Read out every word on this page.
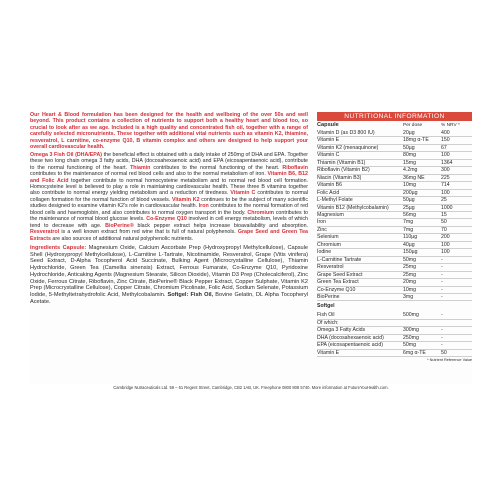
Our Heart & Blood formulation has been designed for the health and wellbeing of the over 50s and well beyond. This product contains a collection of nutrients to support both a healthy heart and blood too, so crucial to look after as we age. Included is a high quality and concentrated fish oil, together with a range of carefully selected micronutrients. These together with additional vital nutrients such as vitamin K2, thiamine, resveratrol, L carnitine, co-enzyme Q10, B vitamin complex and others are designed to help support your overall cardiovascular health.

Omega 3 Fish Oil (DHA/EPA) the beneficial effect is obtained with a daily intake of 250mg of DHA and EPA. Together these two long chain omega 3 fatty acids, DHA (docosahexaenoic acid) and EPA (eicosapentaenoic acid), contribute to the normal functioning of the heart. Thiamin contributes to the normal functioning of the heart. Riboflavin contributes to the maintenance of normal red blood cells and also to the normal metabolism of iron. Vitamin B6, B12 and Folic Acid together contribute to normal homocysteine metabolism and to normal red blood cell formation. Homocysteine level is believed to play a role in maintaining cardiovascular health. These three B vitamins together also contribute to normal energy yielding metabolism and a reduction of tiredness. Vitamin C contributes to normal collagen formation for the normal function of blood vessels. Vitamin K2 continues to be the subject of many scientific studies designed to examine vitamin K2's role in cardiovascular health. Iron contributes to the normal formation of red blood cells and haemoglobin, and also contributes to normal oxygen transport in the body. Chromium contributes to the maintenance of normal blood glucose levels. Co-Enzyme Q10 involved in cell energy metabolism, levels of which tend to decrease with age. BioPerine® black pepper extract helps increase bioavailability and absorption. Resveratrol is a well known extract from red wine that is full of natural polyphenols. Grape Seed and Green Tea Extracts are also sources of additional natural polyphenolic nutrients.

Ingredients Capsule: Magnesium Oxide, Calcium Ascorbate Prep (Hydroxypropyl Methylcellulose), Capsule Shell (Hydroxypropyl Methylcellulose), L-Carnitine L-Tartrate, Nicotinamide, Resveratrol, Grape (Vitis vinifera) Seed Extract, D-Alpha Tocopherol Acid Succinate, Bulking Agent (Microcrystalline Cellulose), Thiamin Hydrochloride, Green Tea (Camellia sinensis) Extract, Ferrous Fumarate, Co-Enzyme Q10, Pyridoxine Hydrochloride, Anticaking Agents (Magnesium Stearate, Silicon Dioxide), Vitamin D3 Prep (Cholecalciferol), Zinc Oxide, Ferrous Citrate, Riboflavin, Zinc Citrate, BioPerine® Black Pepper Extract, Copper Sulphate, Vitamin K2 Prep (Microcrystalline Cellulose), Copper Citrate, Chromium Picolinate, Folic Acid, Sodium Selenate, Potassium Iodide, 5-Methyltetrahydrofolic Acid, Methylcobalamin. Softgel: Fish Oil, Bovine Gelatin, DL Alpha Tocopheryl Acetate.

NUTRITIONAL INFORMATION
Capsule	Per dose	% NRV *
Vitamin D (as D3 800 IU)	20µg	400
Vitamin E	18mg α-TE	150
Vitamin K2 (menaquinone)	50µg	67
Vitamin C	80mg	100
Thiamin (Vitamin B1)	15mg	1364
Riboflavin (Vitamin B2)	4.2mg	300
Niacin (Vitamin B3)	36mg NE	225
Vitamin B6	10mg	714
Folic Acid	200µg	100
L-Methyl Folate	50µg	25
Vitamin B12 (Methylcobalamin)	25µg	1000
Magnesium	56mg	15
Iron	7mg	50
Zinc	7mg	70
Selenium	110µg	200
Chromium	40µg	100
Iodine	150µg	100
L-Carnitine Tartrate	50mg	-
Resveratrol	25mg	-
Grape Seed Extract	25mg	-
Green Tea Extract	20mg	-
Co-Enzyme Q10	10mg	-
BioPerine	3mg	-
Softgel		
Fish Oil	500mg	-
Of which:		
Omega 3 Fatty Acids	300mg	-
DHA (docosahexaenoic acid)	250mg	-
EPA (eicosapentaenoic acid)	50mg	-
Vitamin E	6mg α-TE	50
* Nutrient Reference Value
Cambridge Nutraceuticals Ltd. 59 – 61 Regent Street, Cambridge, CB2 1AB, UK. Freephone 0800 808 5740. More information at FutureYouHealth.com.
